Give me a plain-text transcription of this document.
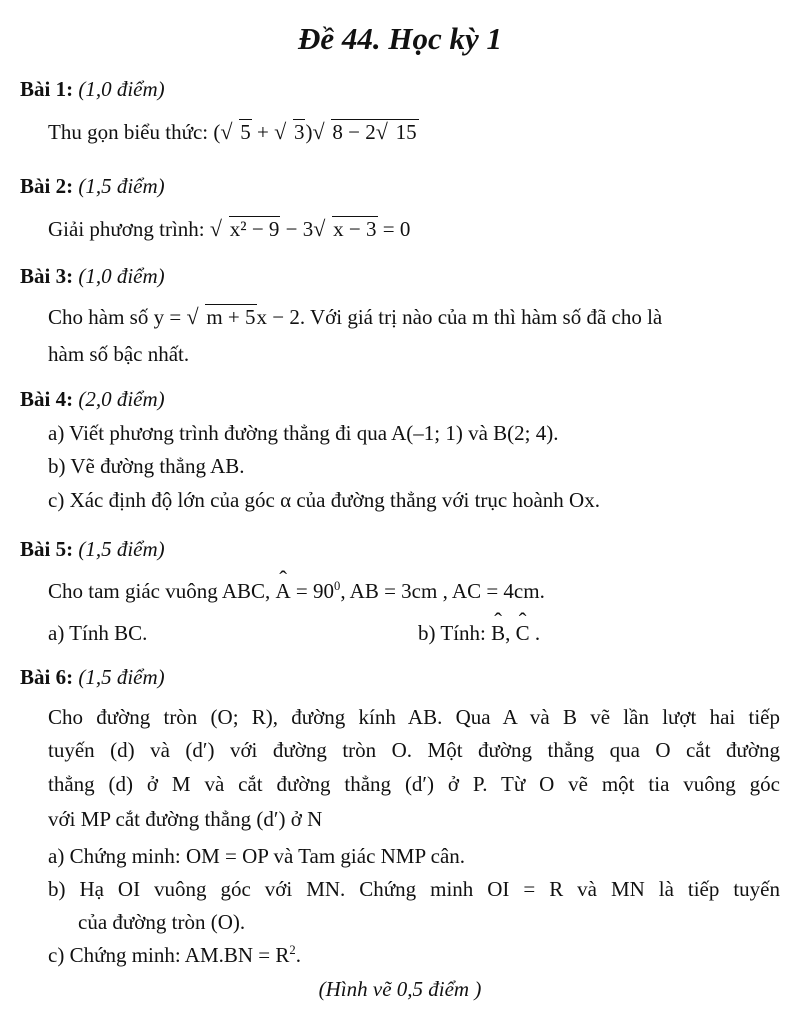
Đề 44. Học kỳ 1
Bài 1: (1,0 điểm)
Thu gọn biểu thức: ( √ 5 + √ 3) √ 8 − 2 √ 15
Bài 2: (1,5 điểm)
Giải phương trình: √ x² − 9 − 3 √ x − 3 = 0
Bài 3: (1,0 điểm)
Cho hàm số y = √ m + 5x − 2. Với giá trị nào của m thì hàm số đã cho là
hàm số bậc nhất.
Bài 4: (2,0 điểm)
a) Viết phương trình đường thẳng đi qua A(–1; 1) và B(2; 4).
b) Vẽ đường thẳng AB.
c) Xác định độ lớn của góc α của đường thẳng với trục hoành Ox.
Bài 5: (1,5 điểm)
Cho tam giác vuông ABC, ˆ $A = 90^0$, AB = 3cm , AC = 4cm.
a) Tính BC.	b) Tính: ˆ B, ˆ C .
Bài 6: (1,5 điểm)
Cho đường tròn (O; R), đường kính AB. Qua A và B vẽ lần lượt hai tiếp
tuyến (d) và (d′) với đường tròn O. Một đường thẳng qua O cắt đường
thẳng (d) ở M và cắt đường thẳng (d′) ở P. Từ O vẽ một tia vuông góc
với MP cắt đường thẳng (d′) ở N
a) Chứng minh: OM = OP và Tam giác NMP cân.
b) Hạ OI vuông góc với MN. Chứng minh OI = R và MN là tiếp tuyến
của đường tròn (O).
c) Chứng minh: $AM.BN = R^2$.
(Hình vẽ 0,5 điểm )
